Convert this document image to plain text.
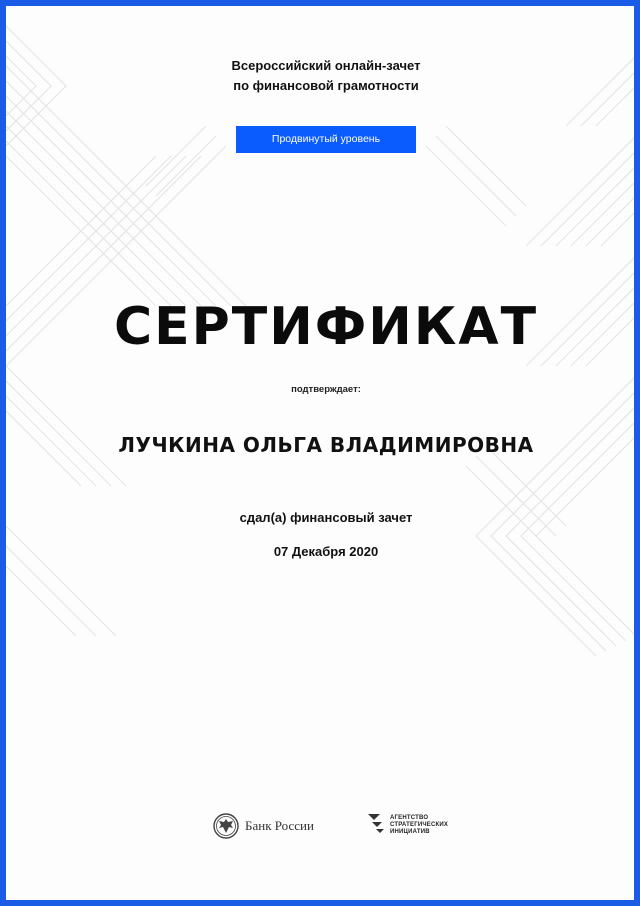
Всероссийский онлайн-зачет
по финансовой грамотности
Продвинутый уровень
СЕРТИФИКАТ
подтверждает:
ЛУЧКИНА ОЛЬГА ВЛАДИМИРОВНА
сдал(а) финансовый зачет
07 Декабря 2020
Банк России
АГЕНТСТВО
СТРАТЕГИЧЕСКИХ
ИНИЦИАТИВ
